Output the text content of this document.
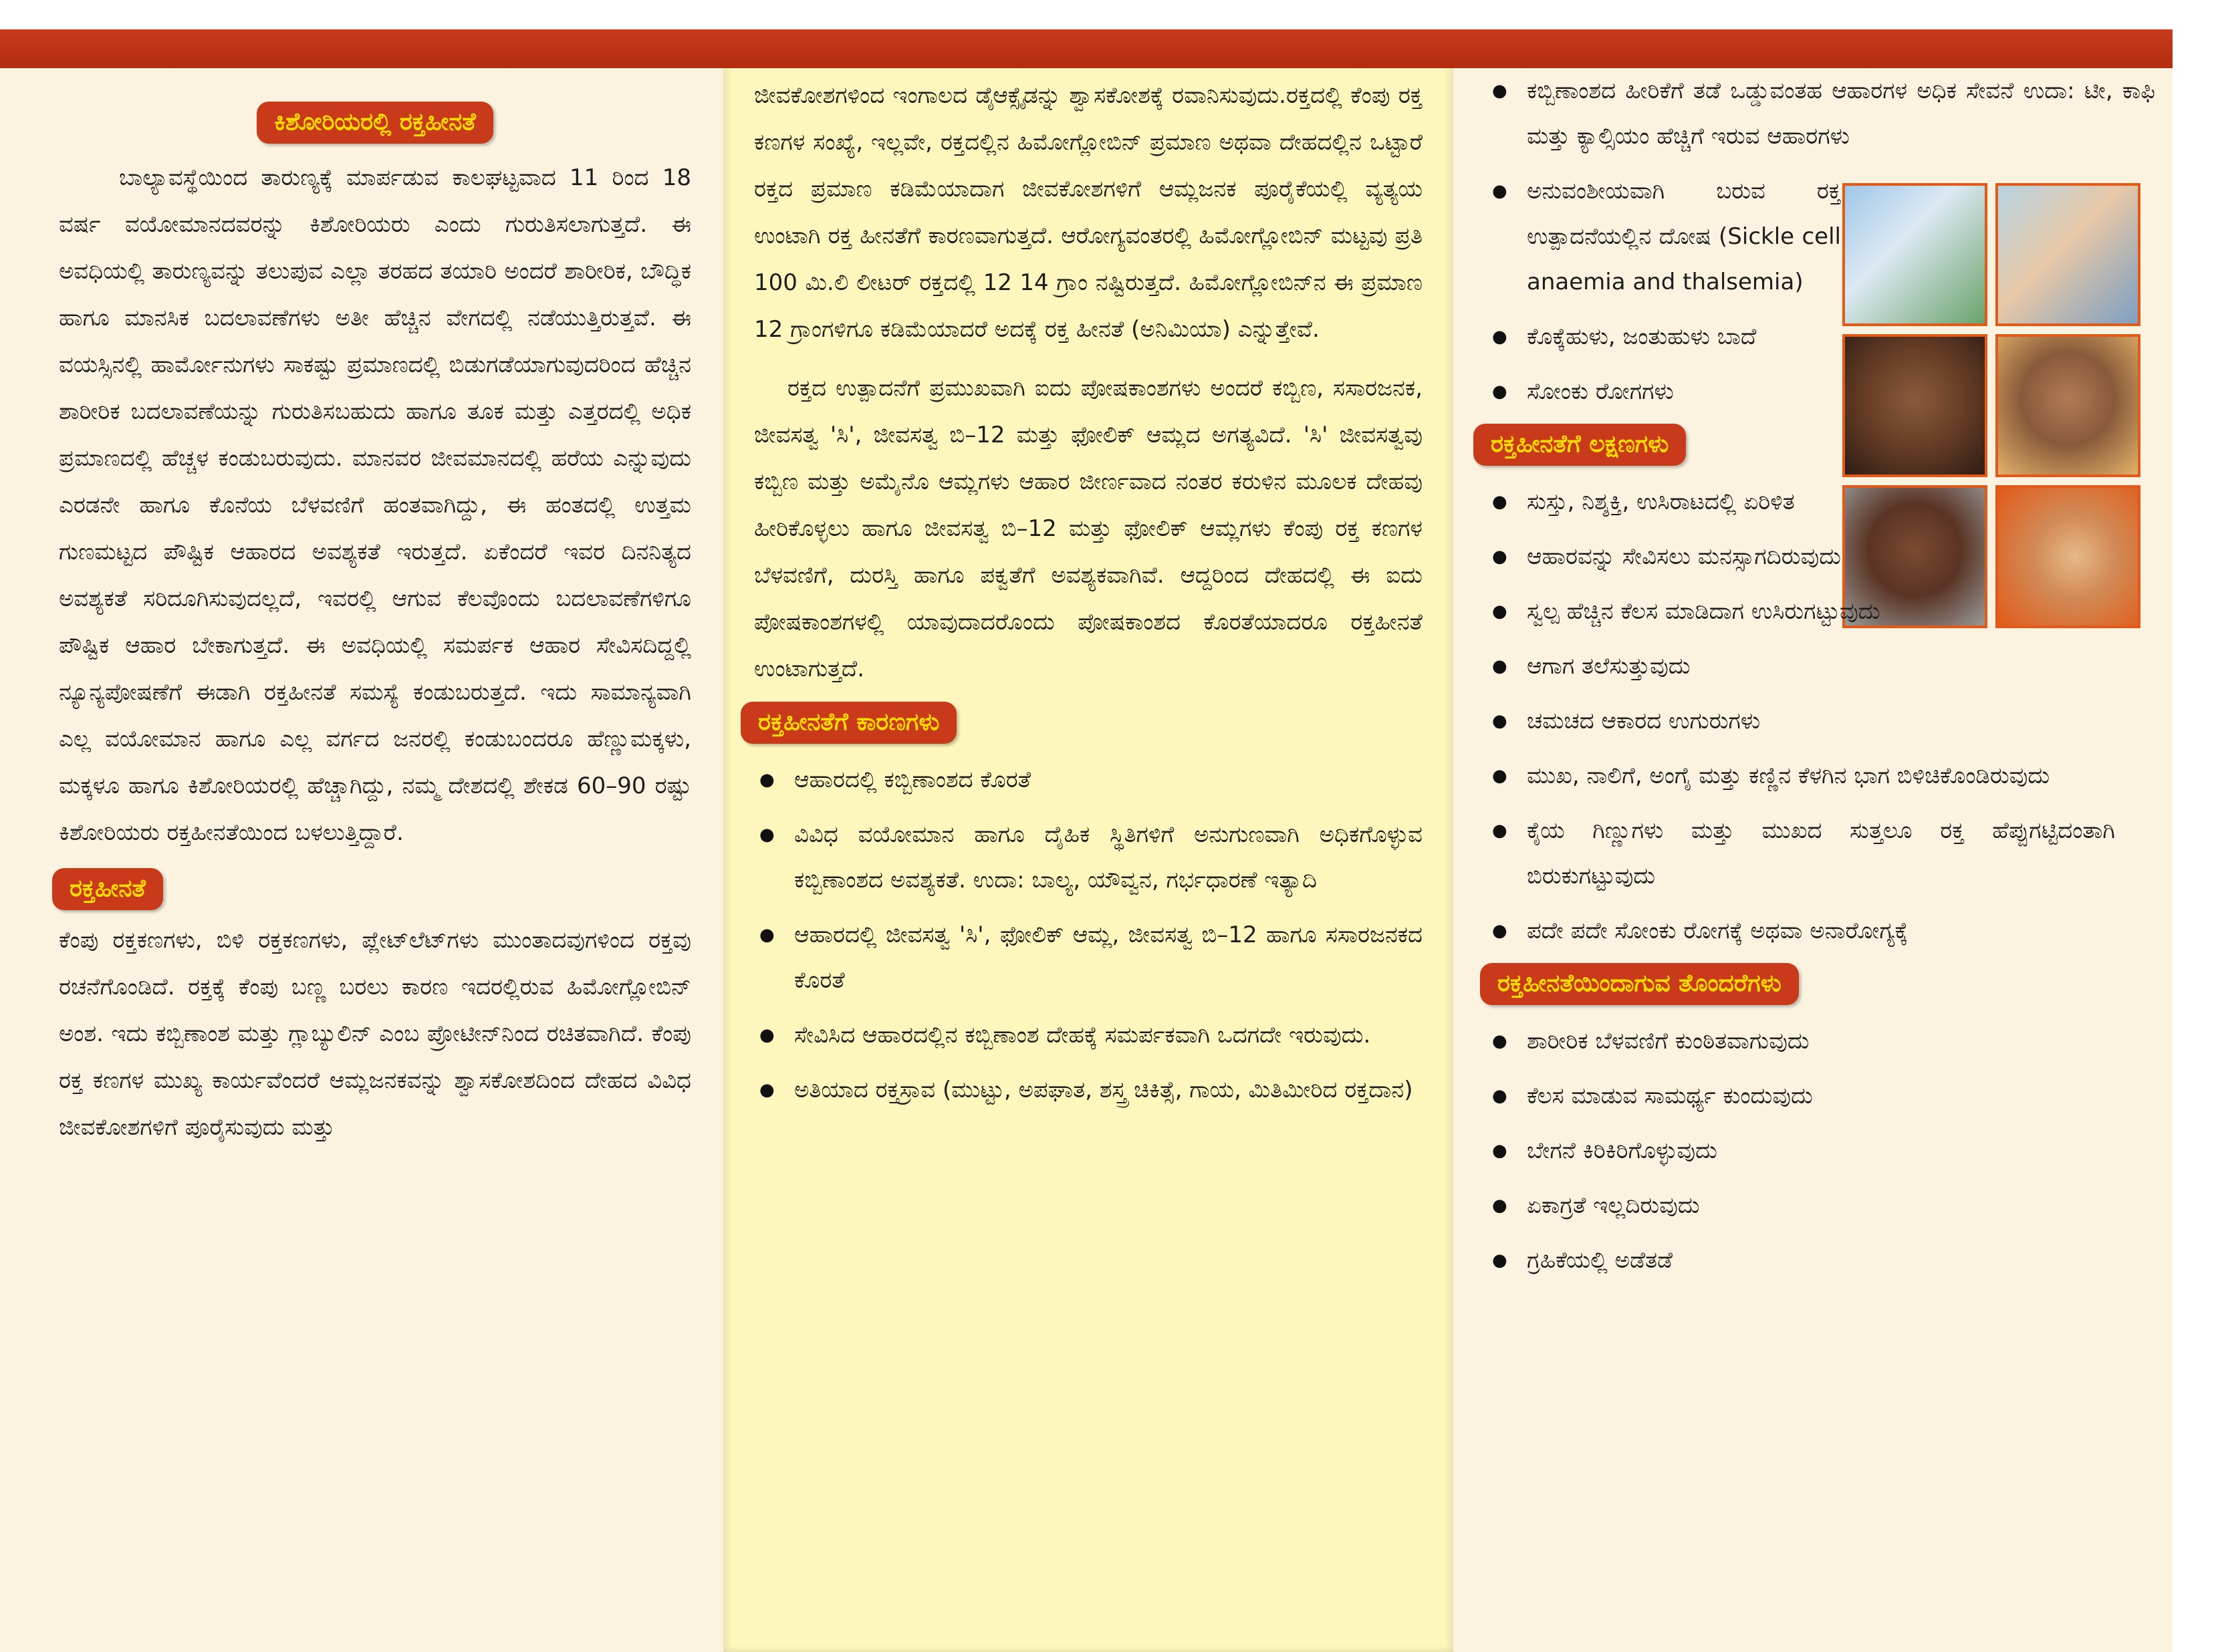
ಕಿಶೋರಿಯರಲ್ಲಿ ರಕ್ತಹೀನತೆ

ಬಾಲ್ಯಾವಸ್ಥೆಯಿಂದ ತಾರುಣ್ಯಕ್ಕೆ ಮಾರ್ಪಡುವ ಕಾಲಘಟ್ಟವಾದ 11 ರಿಂದ 18 ವರ್ಷ ವಯೋಮಾನದವರನ್ನು ಕಿಶೋರಿಯರು ಎಂದು ಗುರುತಿಸಲಾಗುತ್ತದೆ. ಈ ಅವಧಿಯಲ್ಲಿ ತಾರುಣ್ಯವನ್ನು ತಲುಪುವ ಎಲ್ಲಾ ತರಹದ ತಯಾರಿ ಅಂದರೆ ಶಾರೀರಿಕ, ಬೌದ್ಧಿಕ ಹಾಗೂ ಮಾನಸಿಕ ಬದಲಾವಣೆಗಳು ಅತೀ ಹೆಚ್ಚಿನ ವೇಗದಲ್ಲಿ ನಡೆಯುತ್ತಿರುತ್ತವೆ. ಈ ವಯಸ್ಸಿನಲ್ಲಿ ಹಾರ್ಮೋನುಗಳು ಸಾಕಷ್ಟು ಪ್ರಮಾಣದಲ್ಲಿ ಬಿಡುಗಡೆಯಾಗುವುದರಿಂದ ಹೆಚ್ಚಿನ ಶಾರೀರಿಕ ಬದಲಾವಣೆಯನ್ನು ಗುರುತಿಸಬಹುದು ಹಾಗೂ ತೂಕ ಮತ್ತು ಎತ್ತರದಲ್ಲಿ ಅಧಿಕ ಪ್ರಮಾಣದಲ್ಲಿ ಹೆಚ್ಚಳ ಕಂಡುಬರುವುದು. ಮಾನವರ ಜೀವಮಾನದಲ್ಲಿ ಹರೆಯ ಎನ್ನುವುದು ಎರಡನೇ ಹಾಗೂ ಕೊನೆಯ ಬೆಳವಣಿಗೆ ಹಂತವಾಗಿದ್ದು, ಈ ಹಂತದಲ್ಲಿ ಉತ್ತಮ ಗುಣಮಟ್ಟದ ಪೌಷ್ಟಿಕ ಆಹಾರದ ಅವಶ್ಯಕತೆ ಇರುತ್ತದೆ. ಏಕೆಂದರೆ ಇವರ ದಿನನಿತ್ಯದ ಅವಶ್ಯಕತೆ ಸರಿದೂಗಿಸುವುದಲ್ಲದೆ, ಇವರಲ್ಲಿ ಆಗುವ ಕೆಲವೊಂದು ಬದಲಾವಣೆಗಳಿಗೂ ಪೌಷ್ಟಿಕ ಆಹಾರ ಬೇಕಾಗುತ್ತದೆ. ಈ ಅವಧಿಯಲ್ಲಿ ಸಮರ್ಪಕ ಆಹಾರ ಸೇವಿಸದಿದ್ದಲ್ಲಿ ನ್ಯೂನ್ಯಪೋಷಣೆಗೆ ಈಡಾಗಿ ರಕ್ತಹೀನತೆ ಸಮಸ್ಯೆ ಕಂಡುಬರುತ್ತದೆ. ಇದು ಸಾಮಾನ್ಯವಾಗಿ ಎಲ್ಲ ವಯೋಮಾನ ಹಾಗೂ ಎಲ್ಲ ವರ್ಗದ ಜನರಲ್ಲಿ ಕಂಡುಬಂದರೂ ಹೆಣ್ಣುಮಕ್ಕಳು, ಮಕ್ಕಳೂ ಹಾಗೂ ಕಿಶೋರಿಯರಲ್ಲಿ ಹೆಚ್ಚಾಗಿದ್ದು, ನಮ್ಮ ದೇಶದಲ್ಲಿ ಶೇಕಡ 60–90 ರಷ್ಟು ಕಿಶೋರಿಯರು ರಕ್ತಹೀನತೆಯಿಂದ ಬಳಲುತ್ತಿದ್ದಾರೆ.

ರಕ್ತಹೀನತೆ

ಕೆಂಪು ರಕ್ತಕಣಗಳು, ಬಿಳಿ ರಕ್ತಕಣಗಳು, ಪ್ಲೇಟ್‌ಲೆಟ್‌ಗಳು ಮುಂತಾದವುಗಳಿಂದ ರಕ್ತವು ರಚನೆಗೊಂಡಿದೆ. ರಕ್ತಕ್ಕೆ ಕೆಂಪು ಬಣ್ಣ ಬರಲು ಕಾರಣ ಇದರಲ್ಲಿರುವ ಹಿಮೋಗ್ಲೋಬಿನ್ ಅಂಶ. ಇದು ಕಬ್ಬಿಣಾಂಶ ಮತ್ತು ಗ್ಲಾಬ್ಯುಲಿನ್ ಎಂಬ ಪ್ರೋಟೀನ್‌ನಿಂದ ರಚಿತವಾಗಿದೆ. ಕೆಂಪು ರಕ್ತ ಕಣಗಳ ಮುಖ್ಯ ಕಾರ್ಯವೆಂದರೆ ಆಮ್ಲಜನಕವನ್ನು ಶ್ವಾಸಕೋಶದಿಂದ ದೇಹದ ವಿವಿಧ ಜೀವಕೋಶಗಳಿಗೆ ಪೂರೈಸುವುದು ಮತ್ತು

ಜೀವಕೋಶಗಳಿಂದ ಇಂಗಾಲದ ಡೈಆಕ್ಸೈಡನ್ನು ಶ್ವಾಸಕೋಶಕ್ಕೆ ರವಾನಿಸುವುದು.ರಕ್ತದಲ್ಲಿ ಕೆಂಪು ರಕ್ತ ಕಣಗಳ ಸಂಖ್ಯೆ, ಇಲ್ಲವೇ, ರಕ್ತದಲ್ಲಿನ ಹಿಮೋಗ್ಲೋಬಿನ್ ಪ್ರಮಾಣ ಅಥವಾ ದೇಹದಲ್ಲಿನ ಒಟ್ಟಾರೆ ರಕ್ತದ ಪ್ರಮಾಣ ಕಡಿಮೆಯಾದಾಗ ಜೀವಕೋಶಗಳಿಗೆ ಆಮ್ಲಜನಕ ಪೂರೈಕೆಯಲ್ಲಿ ವ್ಯತ್ಯಯ ಉಂಟಾಗಿ ರಕ್ತ ಹೀನತೆಗೆ ಕಾರಣವಾಗುತ್ತದೆ. ಆರೋಗ್ಯವಂತರಲ್ಲಿ ಹಿಮೋಗ್ಲೋಬಿನ್ ಮಟ್ಟವು ಪ್ರತಿ 100 ಮಿ.ಲಿ ಲೀಟರ್ ರಕ್ತದಲ್ಲಿ 12 14 ಗ್ರಾಂ ನಷ್ಟಿರುತ್ತದೆ. ಹಿಮೋಗ್ಲೋಬಿನ್‌ನ ಈ ಪ್ರಮಾಣ 12 ಗ್ರಾಂಗಳಿಗೂ ಕಡಿಮೆಯಾದರೆ ಅದಕ್ಕೆ ರಕ್ತ ಹೀನತೆ (ಅನಿಮಿಯಾ) ಎನ್ನುತ್ತೇವೆ.

ರಕ್ತದ ಉತ್ಪಾದನೆಗೆ ಪ್ರಮುಖವಾಗಿ ಐದು ಪೋಷಕಾಂಶಗಳು ಅಂದರೆ ಕಬ್ಬಿಣ, ಸಸಾರಜನಕ, ಜೀವಸತ್ವ 'ಸಿ', ಜೀವಸತ್ವ ಬಿ–12 ಮತ್ತು ಫೋಲಿಕ್ ಆಮ್ಲದ ಅಗತ್ಯವಿದೆ. 'ಸಿ' ಜೀವಸತ್ವವು ಕಬ್ಬಿಣ ಮತ್ತು ಅಮೈನೊ ಆಮ್ಲಗಳು ಆಹಾರ ಜೀರ್ಣವಾದ ನಂತರ ಕರುಳಿನ ಮೂಲಕ ದೇಹವು ಹೀರಿಕೊಳ್ಳಲು ಹಾಗೂ ಜೀವಸತ್ವ ಬಿ–12 ಮತ್ತು ಫೋಲಿಕ್ ಆಮ್ಲಗಳು ಕೆಂಪು ರಕ್ತ ಕಣಗಳ ಬೆಳವಣಿಗೆ, ದುರಸ್ತಿ ಹಾಗೂ ಪಕ್ವತೆಗೆ ಅವಶ್ಯಕವಾಗಿವೆ. ಆದ್ದರಿಂದ ದೇಹದಲ್ಲಿ ಈ ಐದು ಪೋಷಕಾಂಶಗಳಲ್ಲಿ ಯಾವುದಾದರೊಂದು ಪೋಷಕಾಂಶದ ಕೊರತೆಯಾದರೂ ರಕ್ತಹೀನತೆ ಉಂಟಾಗುತ್ತದೆ.

ರಕ್ತಹೀನತೆಗೆ ಕಾರಣಗಳು
● ಆಹಾರದಲ್ಲಿ ಕಬ್ಬಿಣಾಂಶದ ಕೊರತೆ
● ವಿವಿಧ ವಯೋಮಾನ ಹಾಗೂ ದೈಹಿಕ ಸ್ಥಿತಿಗಳಿಗೆ ಅನುಗುಣವಾಗಿ ಅಧಿಕಗೊಳ್ಳುವ ಕಬ್ಬಿಣಾಂಶದ ಅವಶ್ಯಕತೆ. ಉದಾ: ಬಾಲ್ಯ, ಯೌವ್ವನ, ಗರ್ಭಧಾರಣೆ ಇತ್ಯಾದಿ
● ಆಹಾರದಲ್ಲಿ ಜೀವಸತ್ವ 'ಸಿ', ಫೋಲಿಕ್ ಆಮ್ಲ, ಜೀವಸತ್ವ ಬಿ–12 ಹಾಗೂ ಸಸಾರಜನಕದ ಕೊರತೆ
● ಸೇವಿಸಿದ ಆಹಾರದಲ್ಲಿನ ಕಬ್ಬಿಣಾಂಶ ದೇಹಕ್ಕೆ ಸಮರ್ಪಕವಾಗಿ ಒದಗದೇ ಇರುವುದು.
● ಅತಿಯಾದ ರಕ್ತಸ್ರಾವ (ಮುಟ್ಟು, ಅಪಘಾತ, ಶಸ್ತ್ರ ಚಿಕಿತ್ಸೆ, ಗಾಯ, ಮಿತಿಮೀರಿದ ರಕ್ತದಾನ)
● ಕಬ್ಬಿಣಾಂಶದ ಹೀರಿಕೆಗೆ ತಡೆ ಒಡ್ಡುವಂತಹ ಆಹಾರಗಳ ಅಧಿಕ ಸೇವನೆ ಉದಾ: ಟೀ, ಕಾಫಿ ಮತ್ತು ಕ್ಯಾಲ್ಸಿಯಂ ಹೆಚ್ಚಿಗೆ ಇರುವ ಆಹಾರಗಳು
● ಅನುವಂಶೀಯವಾಗಿ ಬರುವ ರಕ್ತ ಉತ್ಪಾದನೆಯಲ್ಲಿನ ದೋಷ (Sickle cell anaemia and thalsemia)
● ಕೊಕ್ಕೆಹುಳು, ಜಂತುಹುಳು ಬಾದೆ
● ಸೋಂಕು ರೋಗಗಳು
ರಕ್ತಹೀನತೆಗೆ ಲಕ್ಷಣಗಳು
● ಸುಸ್ತು, ನಿಶ್ಶಕ್ತಿ, ಉಸಿರಾಟದಲ್ಲಿ ಏರಿಳಿತ
● ಆಹಾರವನ್ನು ಸೇವಿಸಲು ಮನಸ್ಸಾಗದಿರುವುದು
● ಸ್ವಲ್ಪ ಹೆಚ್ಚಿನ ಕೆಲಸ ಮಾಡಿದಾಗ ಉಸಿರುಗಟ್ಟುವುದು
● ಆಗಾಗ ತಲೆಸುತ್ತುವುದು
● ಚಮಚದ ಆಕಾರದ ಉಗುರುಗಳು
● ಮುಖ, ನಾಲಿಗೆ, ಅಂಗೈ ಮತ್ತು ಕಣ್ಣಿನ ಕೆಳಗಿನ ಭಾಗ ಬಿಳಿಚಿಕೊಂಡಿರುವುದು
● ಕೈಯ ಗಿಣ್ಣುಗಳು ಮತ್ತು ಮುಖದ ಸುತ್ತಲೂ ರಕ್ತ ಹೆಪ್ಪುಗಟ್ಟಿದಂತಾಗಿ ಬಿರುಕುಗಟ್ಟುವುದು
● ಪದೇ ಪದೇ ಸೋಂಕು ರೋಗಕ್ಕೆ ಅಥವಾ ಅನಾರೋಗ್ಯಕ್ಕೆ
ರಕ್ತಹೀನತೆಯಿಂದಾಗುವ ತೊಂದರೆಗಳು
● ಶಾರೀರಿಕ ಬೆಳವಣಿಗೆ ಕುಂಠಿತವಾಗುವುದು
● ಕೆಲಸ ಮಾಡುವ ಸಾಮರ್ಥ್ಯ ಕುಂದುವುದು
● ಬೇಗನೆ ಕಿರಿಕಿರಿಗೊಳ್ಳುವುದು
● ಏಕಾಗ್ರತೆ ಇಲ್ಲದಿರುವುದು
● ಗ್ರಹಿಕೆಯಲ್ಲಿ ಅಡೆತಡೆ
